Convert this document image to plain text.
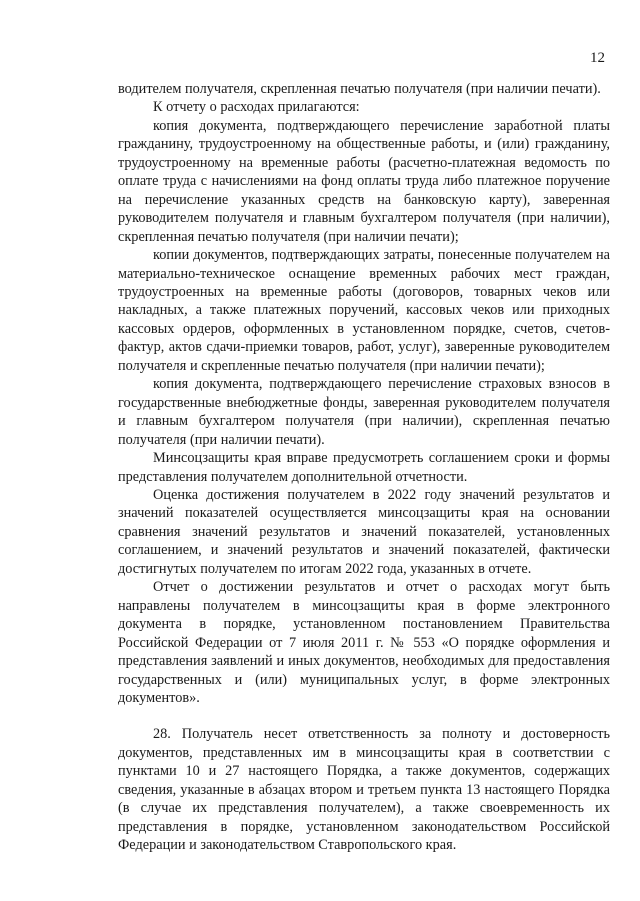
12

водителем получателя, скрепленная печатью получателя (при наличии печати).

К отчету о расходах прилагаются:

копия документа, подтверждающего перечисление заработной платы гражданину, трудоустроенному на общественные работы, и (или) гражданину, трудоустроенному на временные работы (расчетно-платежная ведомость по оплате труда с начислениями на фонд оплаты труда либо платежное поручение на перечисление указанных средств на банковскую карту), заверенная руководителем получателя и главным бухгалтером получателя (при наличии), скрепленная печатью получателя (при наличии печати);

копии документов, подтверждающих затраты, понесенные получателем на материально-техническое оснащение временных рабочих мест граждан, трудоустроенных на временные работы (договоров, товарных чеков или накладных, а также платежных поручений, кассовых чеков или приходных кассовых ордеров, оформленных в установленном порядке, счетов, счетов-фактур, актов сдачи-приемки товаров, работ, услуг), заверенные руководителем получателя и скрепленные печатью получателя (при наличии печати);

копия документа, подтверждающего перечисление страховых взносов в государственные внебюджетные фонды, заверенная руководителем получателя и главным бухгалтером получателя (при наличии), скрепленная печатью получателя (при наличии печати).

Минсоцзащиты края вправе предусмотреть соглашением сроки и формы представления получателем дополнительной отчетности.

Оценка достижения получателем в 2022 году значений результатов и значений показателей осуществляется минсоцзащиты края на основании сравнения значений результатов и значений показателей, установленных соглашением, и значений результатов и значений показателей, фактически достигнутых получателем по итогам 2022 года, указанных в отчете.

Отчет о достижении результатов и отчет о расходах могут быть направлены получателем в минсоцзащиты края в форме электронного документа в порядке, установленном постановлением Правительства Российской Федерации от 7 июля 2011 г. № 553 «О порядке оформления и представления заявлений и иных документов, необходимых для предоставления государственных и (или) муниципальных услуг, в форме электронных документов».

28. Получатель несет ответственность за полноту и достоверность документов, представленных им в минсоцзащиты края в соответствии с пунктами 10 и 27 настоящего Порядка, а также документов, содержащих сведения, указанные в абзацах втором и третьем пункта 13 настоящего Порядка (в случае их представления получателем), а также своевременность их представления в порядке, установленном законодательством Российской Федерации и законодательством Ставропольского края.
